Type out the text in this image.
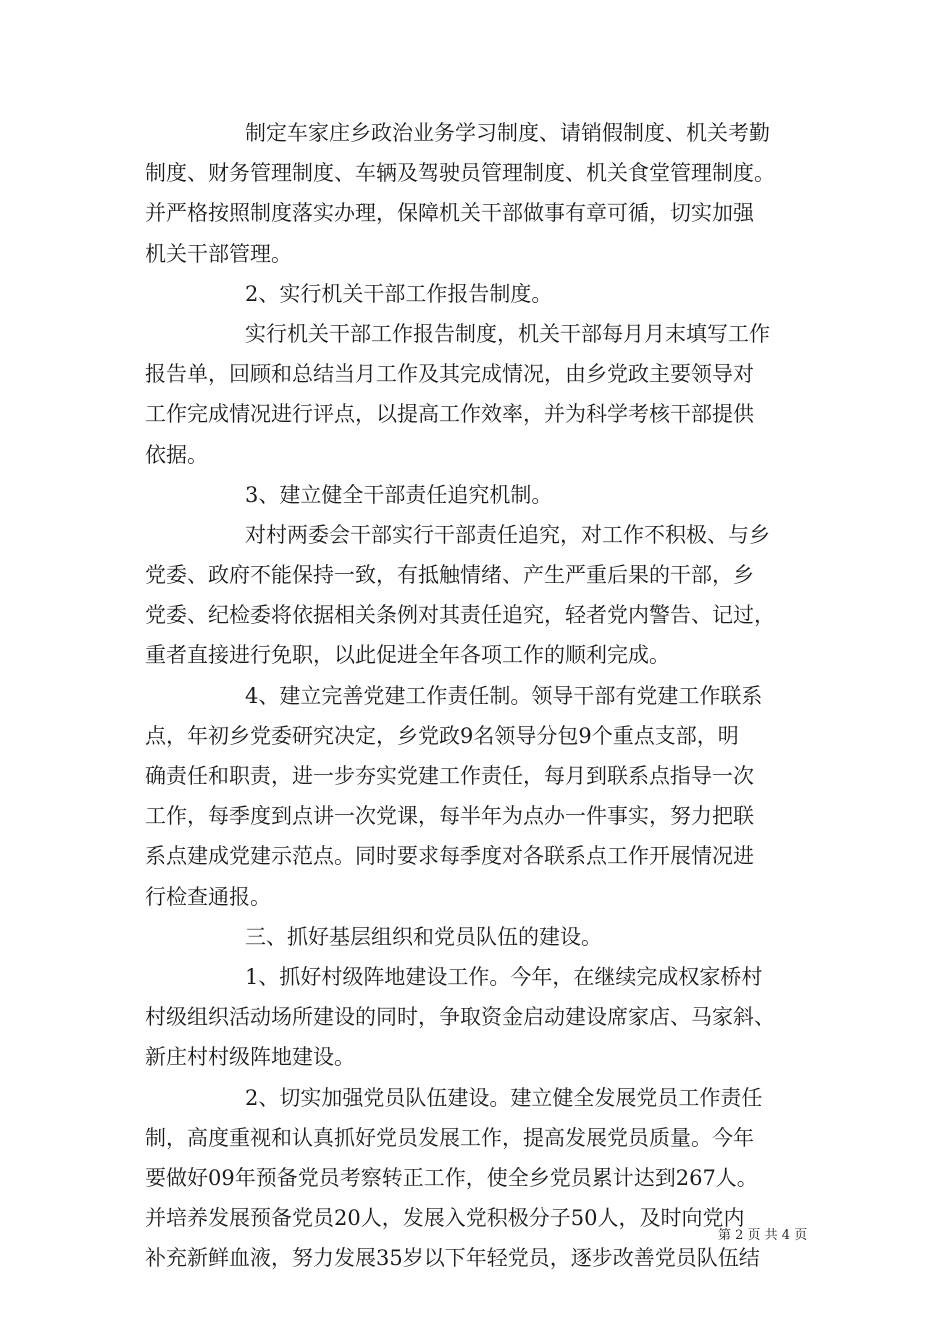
制定车家庄乡政治业务学习制度、请销假制度、机关考勤
制度、财务管理制度、车辆及驾驶员管理制度、机关食堂管理制度。
并严格按照制度落实办理，保障机关干部做事有章可循，切实加强
机关干部管理。
2、实行机关干部工作报告制度。
实行机关干部工作报告制度，机关干部每月月末填写工作
报告单，回顾和总结当月工作及其完成情况，由乡党政主要领导对
工作完成情况进行评点，以提高工作效率，并为科学考核干部提供
依据。
3、建立健全干部责任追究机制。
对村两委会干部实行干部责任追究，对工作不积极、与乡
党委、政府不能保持一致，有抵触情绪、产生严重后果的干部，乡
党委、纪检委将依据相关条例对其责任追究，轻者党内警告、记过，
重者直接进行免职，以此促进全年各项工作的顺利完成。
4、建立完善党建工作责任制。领导干部有党建工作联系
点，年初乡党委研究决定，乡党政9名领导分包9个重点支部，明
确责任和职责，进一步夯实党建工作责任，每月到联系点指导一次
工作，每季度到点讲一次党课，每半年为点办一件事实，努力把联
系点建成党建示范点。同时要求每季度对各联系点工作开展情况进
行检查通报。
三、抓好基层组织和党员队伍的建设。
1、抓好村级阵地建设工作。今年，在继续完成权家桥村
村级组织活动场所建设的同时，争取资金启动建设席家店、马家斜、
新庄村村级阵地建设。
2、切实加强党员队伍建设。建立健全发展党员工作责任
制，高度重视和认真抓好党员发展工作，提高发展党员质量。今年
要做好09年预备党员考察转正工作，使全乡党员累计达到267人。
并培养发展预备党员20人，发展入党积极分子50人，及时向党内
补充新鲜血液，努力发展35岁以下年轻党员，逐步改善党员队伍结
第 2 页 共 4 页
